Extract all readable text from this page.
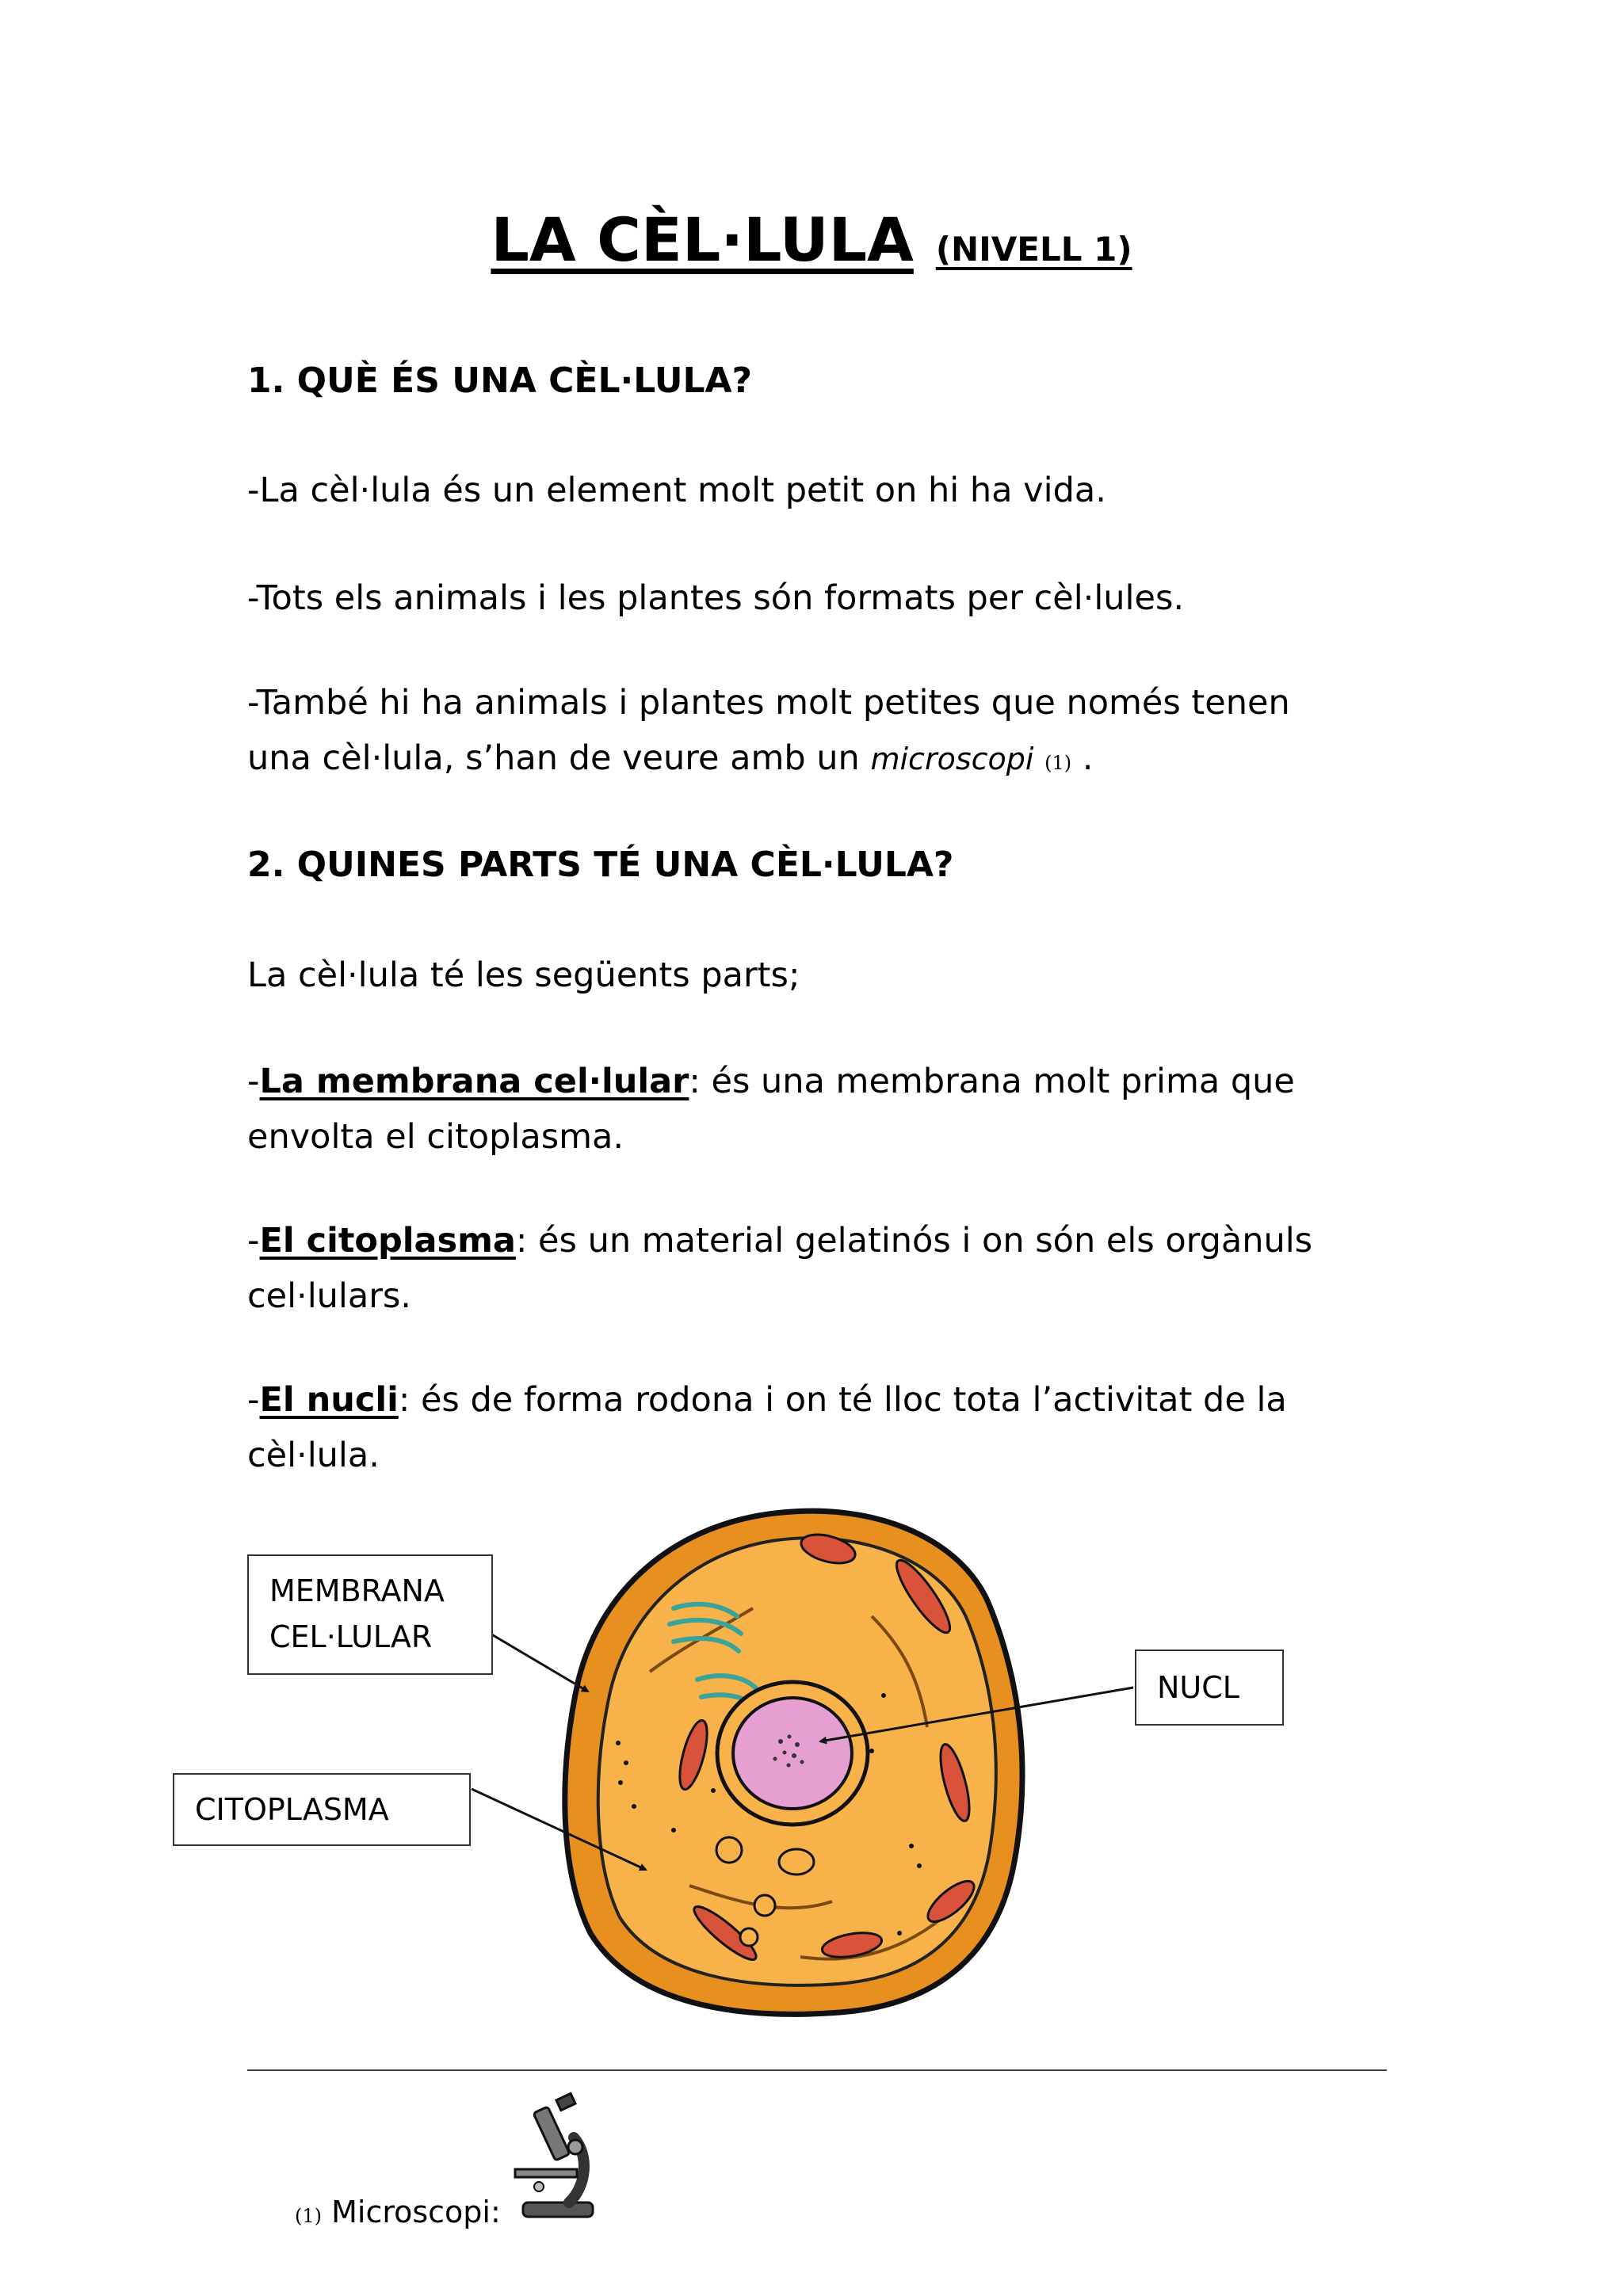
LA CÈL·LULA (NIVELL 1)
1. QUÈ ÉS UNA CÈL·LULA?
-La cèl·lula és un element molt petit on hi ha vida.
-Tots els animals i les plantes són formats per cèl·lules.
-També hi ha animals i plantes molt petites que només tenen
una cèl·lula, s’han de veure amb un microscopi (1) .
2. QUINES PARTS TÉ UNA CÈL·LULA?
La cèl·lula té les següents parts;
-La membrana cel·lular: és una membrana molt prima que envolta el citoplasma.
-El citoplasma: és un material gelatinós i on són els orgànuls cel·lulars.
-El nucli: és de forma rodona i on té lloc tota l’activitat de la cèl·lula.
MEMBRANA
CEL·LULAR
NUCL
CITOPLASMA
(1) Microscopi:
